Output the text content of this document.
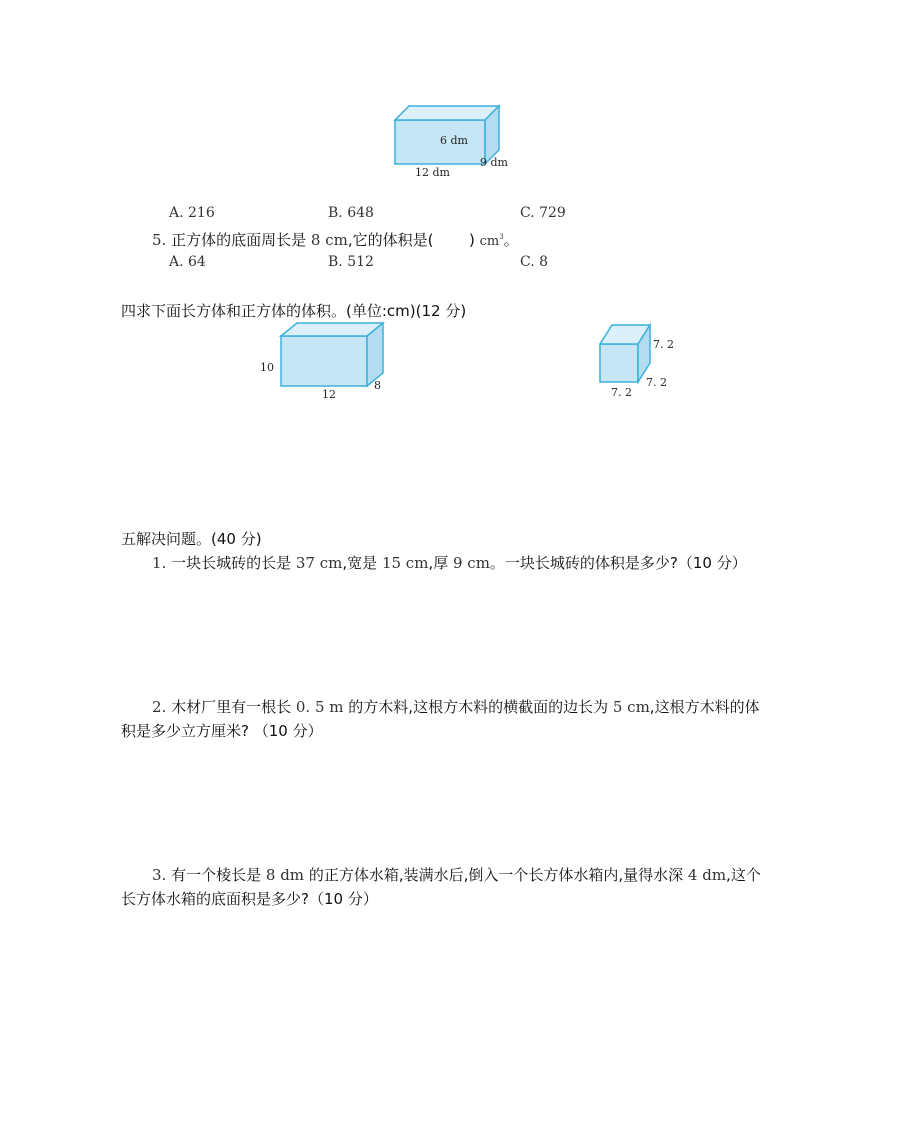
6 dm
9 dm
12 dm
A. 216	B. 648	C. 729
5. 正方体的底面周长是 8 cm,它的体积是( ) $cm^3$。
A. 64	B. 512	C. 8
四求下面长方体和正方体的体积。(单位:cm)(12 分)
10
12
8
7. 2
7. 2
7. 2
五解决问题。(40 分)
1. 一块长城砖的长是 37 cm,宽是 15 cm,厚 9 cm。一块长城砖的体积是多少?（10 分）
2. 木材厂里有一根长 0. 5 m 的方木料,这根方木料的横截面的边长为 5 cm,这根方木料的体
积是多少立方厘米? （10 分）
3. 有一个棱长是 8 dm 的正方体水箱,装满水后,倒入一个长方体水箱内,量得水深 4 dm,这个
长方体水箱的底面积是多少?（10 分）
